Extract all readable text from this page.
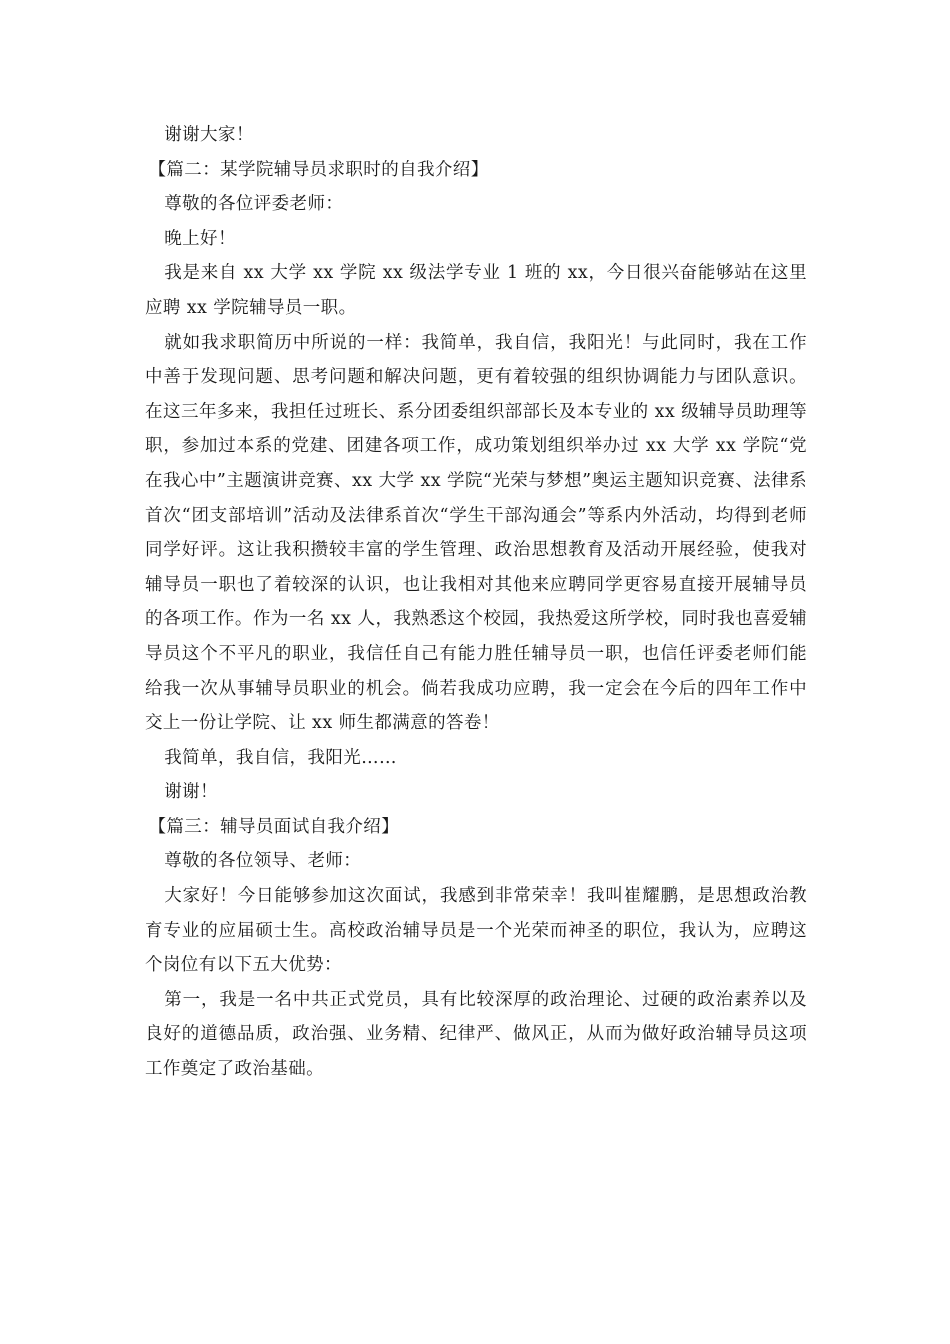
谢谢大家！

【篇二：某学院辅导员求职时的自我介绍】

尊敬的各位评委老师：

晚上好！

我是来自 xx 大学 xx 学院 xx 级法学专业 1 班的 xx，今日很兴奋能够站在这里应聘 xx 学院辅导员一职。

就如我求职简历中所说的一样：我简单，我自信，我阳光！与此同时，我在工作中善于发现问题、思考问题和解决问题，更有着较强的组织协调能力与团队意识。在这三年多来，我担任过班长、系分团委组织部部长及本专业的 xx 级辅导员助理等职，参加过本系的党建、团建各项工作，成功策划组织举办过 xx 大学 xx 学院“党在我心中”主题演讲竞赛、xx 大学 xx 学院“光荣与梦想”奥运主题知识竞赛、法律系首次“团支部培训”活动及法律系首次“学生干部沟通会”等系内外活动，均得到老师同学好评。这让我积攒较丰富的学生管理、政治思想教育及活动开展经验，使我对辅导员一职也了着较深的认识，也让我相对其他来应聘同学更容易直接开展辅导员的各项工作。作为一名 xx 人，我熟悉这个校园，我热爱这所学校，同时我也喜爱辅导员这个不平凡的职业，我信任自己有能力胜任辅导员一职，也信任评委老师们能给我一次从事辅导员职业的机会。倘若我成功应聘，我一定会在今后的四年工作中交上一份让学院、让 xx 师生都满意的答卷！

我简单，我自信，我阳光……

谢谢！

【篇三：辅导员面试自我介绍】

尊敬的各位领导、老师：

大家好！今日能够参加这次面试，我感到非常荣幸！我叫崔耀鹏，是思想政治教育专业的应届硕士生。高校政治辅导员是一个光荣而神圣的职位，我认为，应聘这个岗位有以下五大优势：

第一，我是一名中共正式党员，具有比较深厚的政治理论、过硬的政治素养以及良好的道德品质，政治强、业务精、纪律严、做风正，从而为做好政治辅导员这项工作奠定了政治基础。
